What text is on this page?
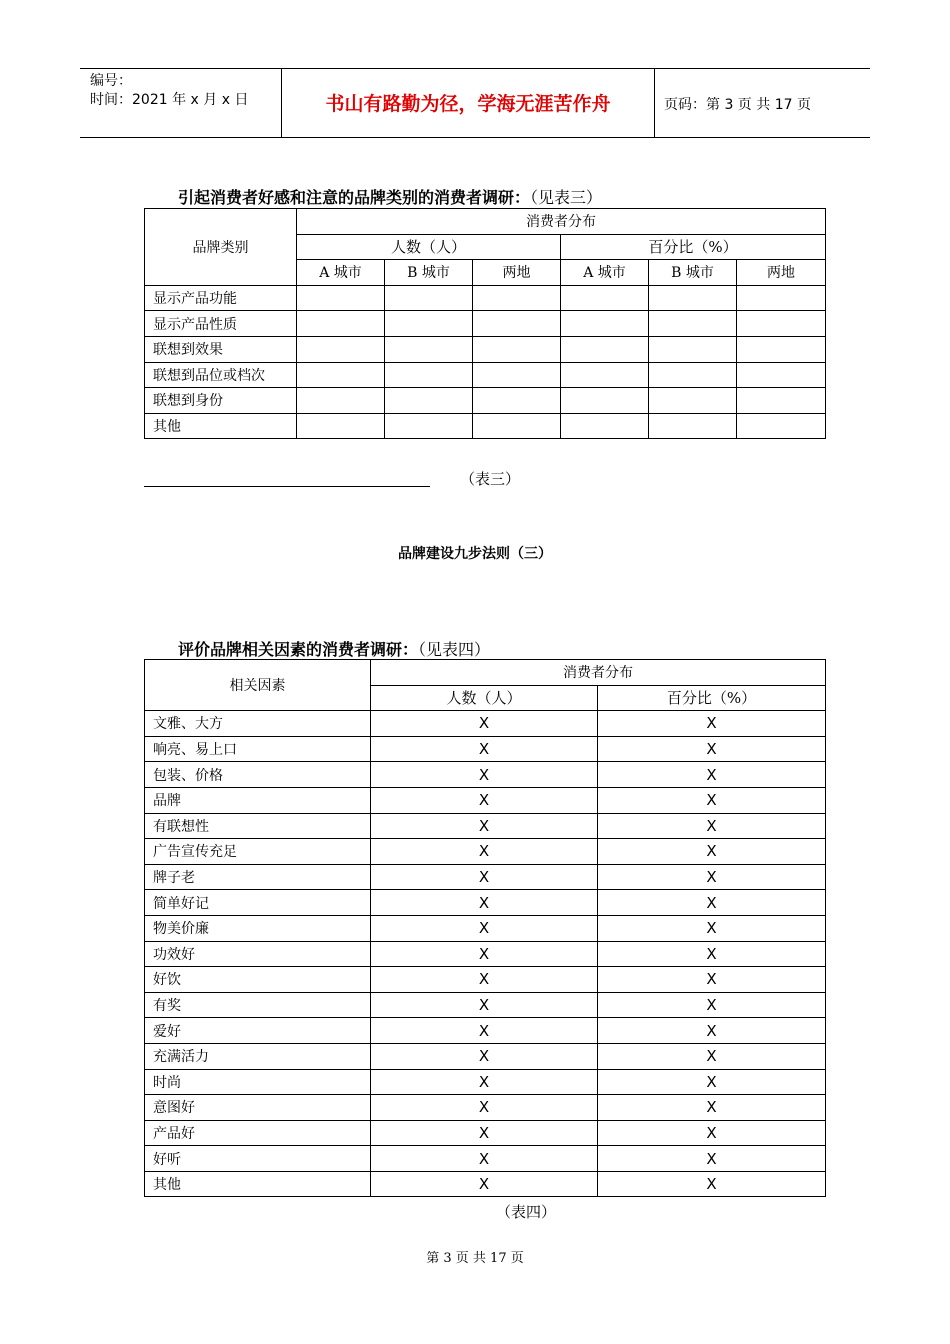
编号：
时间：2021 年 x 月 x 日	书山有路勤为径，学海无涯苦作舟	页码：第 3 页 共 17 页
引起消费者好感和注意的品牌类别的消费者调研：（见表三）
品牌类别	消费者分布					
	人数（人）			百分比（%）		
	A 城市	B 城市	两地	A 城市	B 城市	两地
显示产品功能						
显示产品性质						
联想到效果						
联想到品位或档次						
联想到身份						
其他						
（表三）
品牌建设九步法则（三）
评价品牌相关因素的消费者调研：（见表四）
相关因素	消费者分布	
	人数（人）	百分比（%）
文雅、大方	X	X
响亮、易上口	X	X
包装、价格	X	X
品牌	X	X
有联想性	X	X
广告宣传充足	X	X
牌子老	X	X
简单好记	X	X
物美价廉	X	X
功效好	X	X
好饮	X	X
有奖	X	X
爱好	X	X
充满活力	X	X
时尚	X	X
意图好	X	X
产品好	X	X
好听	X	X
其他	X	X
（表四）
第 3 页 共 17 页
